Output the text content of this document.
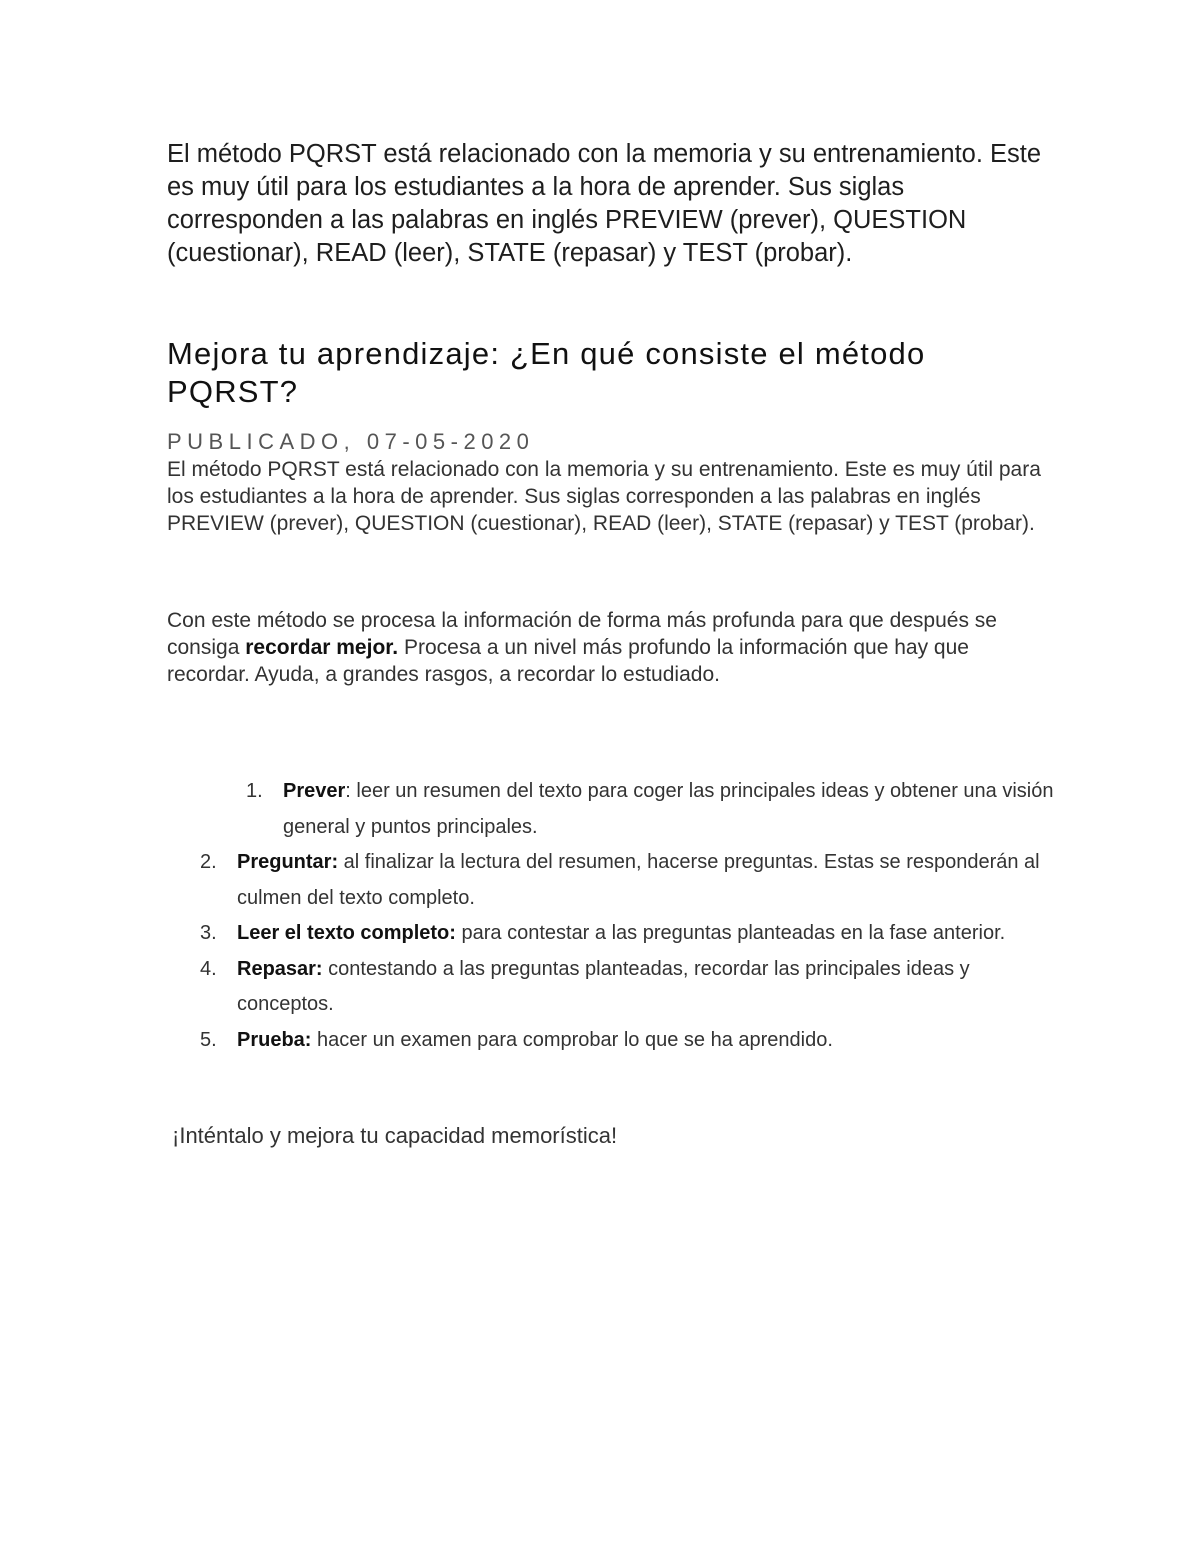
El método PQRST está relacionado con la memoria y su entrenamiento. Este es muy útil para los estudiantes a la hora de aprender. Sus siglas corresponden a las palabras en inglés PREVIEW (prever), QUESTION (cuestionar), READ (leer), STATE (repasar) y TEST (probar).

Mejora tu aprendizaje: ¿En qué consiste el método PQRST?

PUBLICADO, 07-05-2020

El método PQRST está relacionado con la memoria y su entrenamiento. Este es muy útil para los estudiantes a la hora de aprender. Sus siglas corresponden a las palabras en inglés PREVIEW (prever), QUESTION (cuestionar), READ (leer), STATE (repasar) y TEST (probar).

Con este método se procesa la información de forma más profunda para que después se consiga recordar mejor. Procesa a un nivel más profundo la información que hay que recordar. Ayuda, a grandes rasgos, a recordar lo estudiado.

1. Prever: leer un resumen del texto para coger las principales ideas y obtener una visión general y puntos principales.
2. Preguntar: al finalizar la lectura del resumen, hacerse preguntas. Estas se responderán al culmen del texto completo.
3. Leer el texto completo: para contestar a las preguntas planteadas en la fase anterior.
4. Repasar: contestando a las preguntas planteadas, recordar las principales ideas y conceptos.
5. Prueba: hacer un examen para comprobar lo que se ha aprendido.

¡Inténtalo y mejora tu capacidad memorística!
